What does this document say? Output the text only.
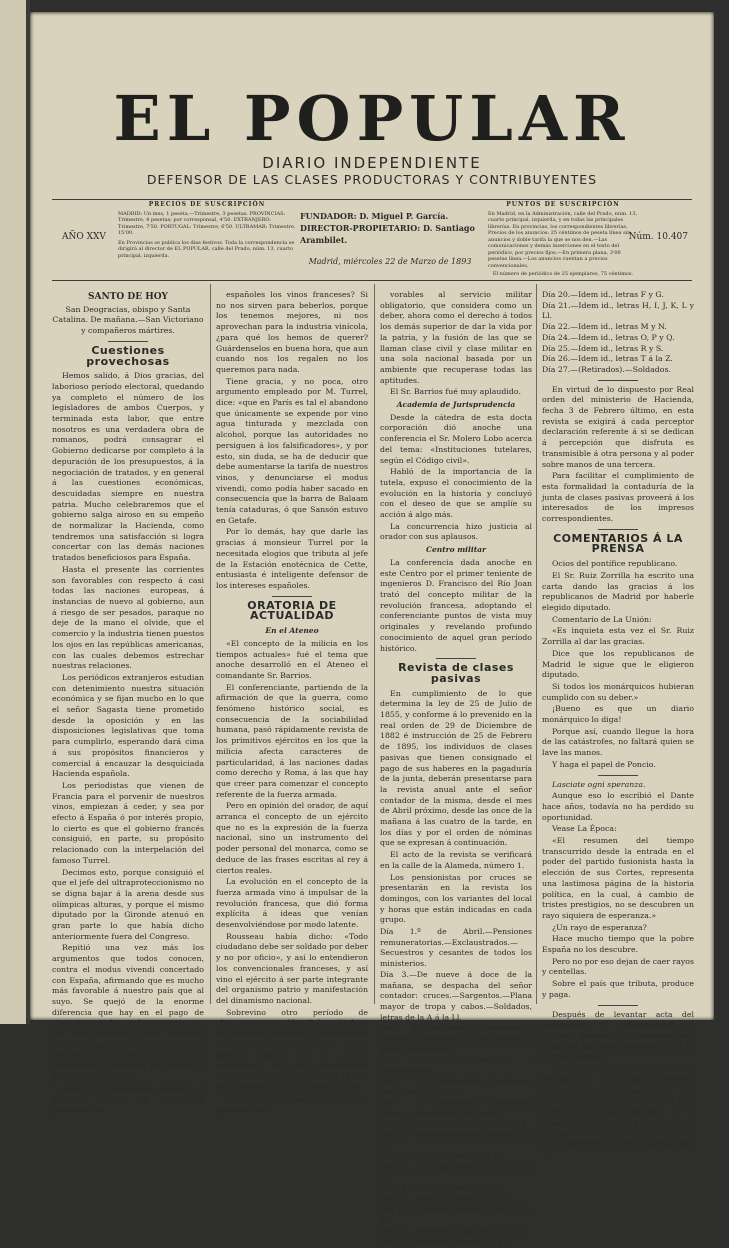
EL POPULAR
DIARIO INDEPENDIENTE
DEFENSOR DE LAS CLASES PRODUCTORAS Y CONTRIBUYENTES
PRECIOS DE SUSCRIPCIÓN
MADRID: Un mes, 1 peseta.—Trimestre, 3 pesetas. PROVINCIAS: Trimestre, 4 pesetas; por corresponsal, 4'50. EXTRANJERO: Trimestre, 7'50. PORTUGAL: Trimestre, 6'50. ULTRAMAR: Trimestre, 15'00.
En Provincias se publica los días festivos. Toda la correspondencia se dirigirá al director de EL POPULAR, calle del Prado, núm. 13, cuarto principal, izquierda.
AÑO XXV
FUNDADOR: D. Miguel P. García.
DIRECTOR-PROPIETARIO: D. Santiago Arambilet.
Madrid, miércoles 22 de Marzo de 1893
PUNTOS DE SUSCRIPCIÓN
En Madrid, en la Administración, calle del Prado, núm. 13, cuarto principal, izquierda, y en todas las principales librerías. En provincias, los correspondientes librerías. Precios de los anuncios: 25 céntimos de peseta línea sin anuncios y doble tarifa la que se nos den.—Las comunicaciones y demás inserciones en el texto del periódico, por precios fijos.—En primera plana, 3'00 pesetas línea.—Los anuncios cuentan a precios convencionales.
El número de periódico de 25 ejemplares, 75 céntimos.
Núm. 10.407
SANTO DE HOY

San Deogracias, obispo y Santa Catalina. De mañana.—San Victoriano y compañeros mártires.

Cuestiones provechosas

Hemos salido, á Dios gracias, del laborioso período electoral, quedando ya completo el número de los legisladores de ambos Cuerpos, y terminada esta labor, que entre nosotros es una verdadera obra de romanos, podrá consagrar el Gobierno dedicarse por completo á la depuración de los presupuestos, á la negociación de tratados, y en general á las cuestiones económicas, descuidadas siempre en nuestra patria. Mucho celebraremos que el gobierno salga airoso en su empeño de normalizar la Hacienda, como tendremos una satisfacción si logra concertar con las demás naciones tratados beneficiosos para España.

Hasta el presente las corrientes son favorables con respecto á casi todas las naciones europeas, á instancias de nuevo al gobierno, aun á riesgo de ser pesados, paraque no deje de la mano el olvide, que el comercio y la industria tienen puestos los ojos en las repúblicas americanas, con las cuales debemos estrechar nuestras relaciones.

Los periódicos extranjeros estudian con detenimiento nuestra situación económica y se fijan mucho en lo que el señor Sagasta tiene prometido desde la oposición y en las disposiciones legislativas que toma para cumplirlo, esperando dará cima á sus propósitos financieros y comercial á encauzar la desquiciada Hacienda española.

Los periodistas que vienen de Francia para el porvenir de nuestros vinos, empiezan á ceder, y sea por efecto á España ó por interés propio, lo cierto es que el gobierno francés consiguió, en parte, su propósito relacionado con la interpelación del famoso Turrel.

Decimos esto, porque consiguió el que el jefe del ultraproteccionismo no se digna bajar á la arena desde sus olímpicas alturas, y porque el mismo diputado por la Gironde atenuó en gran parte lo que había dicho anteriormente fuera del Congreso.

Repitió una vez más los argumentos que todos conocen, contra el modus vivendi concertado con España, afirmando que es mucho más favorable á nuestro país que al suyo. Se quejó de la enorme diferencia que hay en el pago de vinos importados recíprocamente por las dos naciones, pues mientras nosotros pagamos de 5 á 15 francos por hectolitro al entrar en Francia, ellos pagan al entrarlos en España 50 por la misma medida.

Ahora preguntaríamos nosotros á monsieur Turrel: ¿y para qué queremos los

españoles los vinos franceses? Si no nos sirven para beberlos, porque los tenemos mejores, ni nos aprovechan para la industria vinícola, ¿para qué los hemos de querer? Guárdenselos en buena hora, que aun cuando nos los regalen no los queremos para nada.

Tiene gracia, y no poca, otro argumento empleado por M. Turrel, dice: «que en París es tal el abandono que únicamente se expende por vino agua tinturada y mezclada con alcohol, porque las autoridades no persiguen á los falsificadores», y por esto, sin duda, se ha de deducir que debe aumentarse la tarifa de nuestros vinos, y denunciarse el modus vivendi, como podía haber sacado en consecuencia que la barra de Balaam tenía cataduras, ó que Sansón estuvo en Getafe.

Por lo demás, hay que darle las gracias á monsieur Turrel por la necesitada elogios que tributa al jefe de la Estación enotécnica de Cette, entusiasta é inteligente defensor de los intereses españoles.

ORATORIA DE ACTUALIDAD
En el Ateneo

«El concepto de la milicia en los tiempos actuales» fué el tema que anoche desarrolló en el Ateneo el comandante Sr. Barrios.

El conferenciante, partiendo de la afirmación de que la guerra, como fenómeno histórico social, es consecuencia de la sociabilidad humana, pasó rápidamente revista de los primitivos ejércitos en los que la milicia afecta caracteres de particularidad, á las naciones dadas como derecho y Roma, á las que hay que creer para comenzar el concepto referente de la fuerza armada.

Pero en opinión del orador, de aquí arranca el concepto de un ejército que no es la expresión de la fuerza nacional, sino un instrumento del poder personal del monarca, como se deduce de las frases escritas al rey á ciertos reales.

La evolución en el concepto de la fuerza armada vino á impulsar de la revolución francesa, que dió forma explícita á ideas que venían desenvolviéndose por modo latente.

Rousseau había dicho: «Todo ciudadano debe ser soldado por deber y no por oficio», y así lo entendieron los convencionales franceses, y así vino el ejército á ser parte integrante del organismo patrio y manifestación del dinamismo nacional.

Sobrevino otro período de obscurecimiento. Napoleón utilizó en su provecho personal las fuerzas que ensalzó como base de un fuerte poderío militar, y la acción unificadora de las revoluciones francesas no dio prueba hasta 1848 y en el período que va de 1866 á 1870.

El orador fundamentó en él sus opiniones fa-

vorables al servicio militar obligatorio, que considera como un deber, ahora como el derecho á todos los demás superior de dar la vida por la patria, y la fusión de las que se llaman clase civil y clase militar en una sola nacional basada por un ambiente que recuperase todas las aptitudes.

El Sr. Barrios fué muy aplaudido.

Academia de Jurisprudencia

Desde la cátedra de esta docta corporación dió anoche una conferencia el Sr. Molero Lobo acerca del tema: «Instituciones tutelares, según el Código civil».

Habló de la importancia de la tutela, expuso el conocimiento de la evolución en la historia y concluyó con el deseo de que se amplíe su acción á algo más.

La concurrencia hizo justicia al orador con sus aplausos.

Centro militar

La conferencia dada anoche en este Centro por el primer teniente de ingenieros D. Francisco del Río Joan trató del concepto militar de la revolución francesa, adoptando el conferenciante puntos de vista muy originales y revelando profundo conocimiento de aquel gran período histórico.

Revista de clases pasivas

En cumplimiento de lo que determina la ley de 25 de Julio de 1855, y conforme á lo prevenido en la real orden de 29 de Diciembre de 1882 é instrucción de 25 de Febrero de 1895, los individuos de clases pasivas que tienen consignado el pago de sus haberes en la pagaduría de la junta, deberán presentarse para la revista anual ante el señor contador de la misma, desde el mes de Abril próximo, desde las once de la mañana á las cuatro de la tarde, en los días y por el orden de nóminas que se expresan á continuación.

El acto de la revista se verificará en la calle de la Alameda, número 1.

Los pensionistas por cruces se presentarán en la revista los domingos, con los variantes del local y horas que están indicadas en cada grupo.

Día 1.º de Abril.—Pensiones remuneratorias.—Exclaustrados.—Secuestros y cesantes de todos los ministerios.
Día 3.—De nueve á doce de la mañana, se despacha del señor contador: cruces.—Sargentos.—Plana mayor de tropa y cabos.—Soldados, letras de la A á la Ll.
Día 4.—(Retirados).—Coroneles.—Tenientes coroneles.—Plana mayor de jefes y brigadieres.
Día 5.—(Retirados).—Marina y comandantes.
Día 6.—(Retirados).—Capitanes, tenientes y alféreces.
Día 7.—(Retirados).—Sargentos, cabos y plana mayor de tropa.
Día 8.—Montepío militar, letras A y B.
Día 10.—Montepío militar, letras C, D y F.
Día 11.—Idem id., letras F y G.
Día 13.—Idem id., letras H, I, J, K, L y Ll.
Día 14.—Idem id., letras M y N.
Día 15.—Idem id., letras O, P y Q.
Día 17.—Idem id., letras de la T á la Z.
Día 18.—Montepío civil, letras A y B.
Día 19.—Idem id., letras C, D y E.
Día 20.—Idem id., letras F y G.
Día 21.—Idem id., letras H, I, J, K, L y Ll.
Día 22.—Idem id., letras M y N.
Día 24.—Idem id., letras O, P y Q.
Día 25.—Idem id., letras R y S.
Día 26.—Idem id., letras T á la Z.
Día 27.—(Retirados).—Soldados.

En virtud de lo dispuesto por Real orden del ministerio de Hacienda, fecha 3 de Febrero último, en esta revista se exigirá á cada perceptor declaración referente á si se dedican á percepción que disfruta es transmisible á otra persona y al poder sobre manos de una tercera.

Para facilitar el cumplimiento de esta formalidad la contaduría de la junta de clases pasivas proveerá á los interesados de los impresos correspondientes.

COMENTARIOS Á LA PRENSA

Ocios del pontífice republicano.

El Sr. Ruiz Zorrilla ha escrito una carta dando las gracias á los republicanos de Madrid por haberle elegido diputado.

Comentario de La Unión:

«Es inquieta esta vez el Sr. Ruiz Zorrilla al dar las gracias.

Dice que los republicanos de Madrid le sigue que le eligieron diputado.

Si todos los monárquicos hubieran cumplido con su deber.»

¡Bueno es que un diario monárquico lo diga!

Porque así, cuando llegue la hora de las catástrofes, no faltará quien se lave las manos.

Y haga el papel de Poncio.

Lasciate ogni speranza.

Aunque eso lo escribió el Dante hace años, todavía no ha perdido su oportunidad.

Vease La Época:

«El resumen del tiempo transcurrido desde la entrada en el poder del partido fusionista hasta la elección de sus Cortes, representa una lastimosa página de la historia política, en la cual, á cambio de tristes prestigios, no se descubren un rayo siquiera de esperanza.»

¿Un rayo de esperanza?

Hace mucho tiempo que la pobre España no los descubre.

Pero no por eso dejan de caer rayos y centellas.

Sobre el país que tributa, produce y paga.

Después de levantar acta del desasosiego, la intranquilidad, el disgusto profundo y el malestar que existe en las clases militares, dice El Correo Militar:

«Otros políticos y otras luchas se dibujan en el lejano horizonte. Corrientes encontradas y que van engrosando agitan el fondo del mar político y social español, y la superficie, antes rasa y tranquila, se arruga en informe y rebiente; la crisis que sobreviene á bordo amenazando ...
